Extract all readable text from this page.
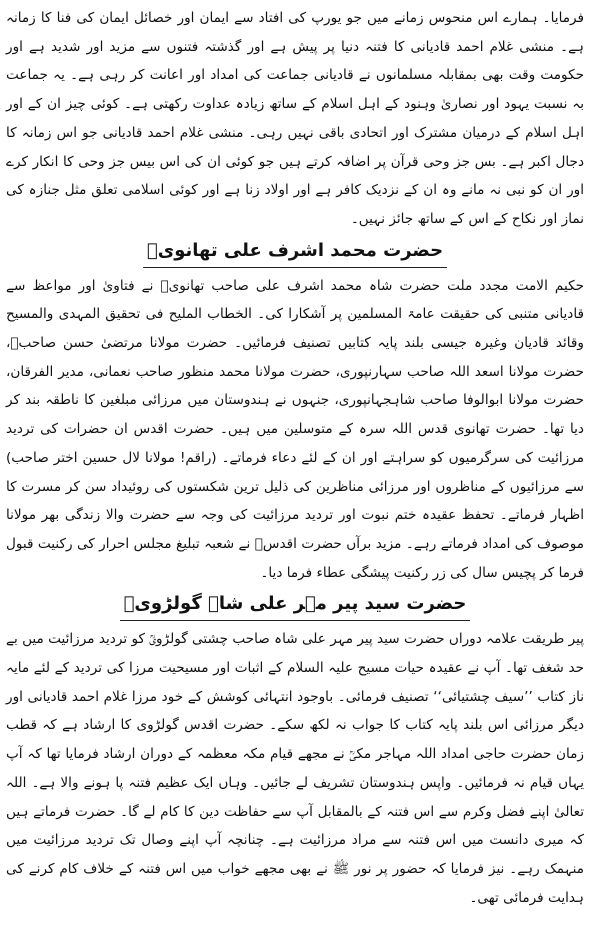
فرمایا۔ ہمارے اس منحوس زمانے میں جو یورپ کی افتاد سے ایمان اور خصائل ایمان کی فنا کا زمانہ ہے۔ منشی غلام احمد قادیانی کا فتنہ دنیا پر پیش ہے اور گذشتہ فتنوں سے مزید اور شدید ہے اور حکومت وقت بھی بمقابلہ مسلمانوں نے قادیانی جماعت کی امداد اور اعانت کر رہی ہے۔ یہ جماعت بہ نسبت یہود اور نصاریٰ وہنود کے اہل اسلام کے ساتھ زیادہ عداوت رکھتی ہے۔ کوئی چیز ان کے اور اہل اسلام کے درمیان مشترک اور اتحادی باقی نہیں رہی۔ منشی غلام احمد قادیانی جو اس زمانہ کا دجال اکبر ہے۔ بس جز وحی قرآن پر اضافہ کرتے ہیں جو کوئی ان کی اس بیس جز وحی کا انکار کرے اور ان کو نبی نہ مانے وہ ان کے نزدیک کافر ہے اور اولاد زنا ہے اور کوئی اسلامی تعلق مثل جنازہ کی نماز اور نکاح کے اس کے ساتھ جائز نہیں۔

حضرت محمد اشرف علی تھانویؒ

حکیم الامت مجدد ملت حضرت شاہ محمد اشرف علی صاحب تھانویؒ نے فتاویٰ اور مواعظ سے قادیانی متنبی کی حقیقت عامۃ المسلمین پر آشکارا کی۔ الخطاب الملیح فی تحقیق المہدی والمسیح وقائد قادیان وغیرہ جیسی بلند پایہ کتابیں تصنیف فرمائیں۔ حضرت مولانا مرتضیٰ حسن صاحبؒ، حضرت مولانا اسعد اللہ صاحب سہارنپوری، حضرت مولانا محمد منظور صاحب نعمانی، مدیر الفرقان، حضرت مولانا ابوالوفا صاحب شاہجہانپوری، جنہوں نے ہندوستان میں مرزائی مبلغین کا ناطقہ بند کر دیا تھا۔ حضرت تھانوی قدس اللہ سرہ کے متوسلین میں ہیں۔ حضرت اقدس ان حضرات کی تردید مرزائیت کی سرگرمیوں کو سراہتے اور ان کے لئے دعاء فرماتے۔ (راقم! مولانا لال حسین اختر صاحب) سے مرزائیوں کے مناظروں اور مرزائی مناظرین کی ذلیل ترین شکستوں کی روئیداد سن کر مسرت کا اظہار فرماتے۔ تحفظ عقیدہ ختم نبوت اور تردید مرزائیت کی وجہ سے حضرت والا زندگی بھر مولانا موصوف کی امداد فرماتے رہے۔ مزید برآں حضرت اقدسؒ نے شعبہ تبلیغ مجلس احرار کی رکنیت قبول فرما کر پچیس سال کی زر رکنیت پیشگی عطاء فرما دیا۔

حضرت سید پیر مہر علی شاہ گولڑویؒ

پیر طریقت علامہ دوراں حضرت سید پیر مہر علی شاہ صاحب چشتی گولڑویؒ کو تردید مرزائیت میں بے حد شغف تھا۔ آپ نے عقیدہ حیات مسیح علیہ السلام کے اثبات اور مسیحیت مرزا کی تردید کے لئے مایہ ناز کتاب ’’سیف چشتیائی‘‘ تصنیف فرمائی۔ باوجود انتہائی کوشش کے خود مرزا غلام احمد قادیانی اور دیگر مرزائی اس بلند پایہ کتاب کا جواب نہ لکھ سکے۔ حضرت اقدس گولڑوی کا ارشاد ہے کہ قطب زمان حضرت حاجی امداد اللہ مہاجر مکیؒ نے مجھے قیام مکہ معظمہ کے دوران ارشاد فرمایا تھا کہ آپ یہاں قیام نہ فرمائیں۔ واپس ہندوستان تشریف لے جائیں۔ وہاں ایک عظیم فتنہ پا ہونے والا ہے۔ اللہ تعالیٰ اپنے فضل وکرم سے اس فتنہ کے بالمقابل آپ سے حفاظت دین کا کام لے گا۔ حضرت فرماتے ہیں کہ میری دانست میں اس فتنہ سے مراد مرزائیت ہے۔ چنانچہ آپ اپنے وصال تک تردید مرزائیت میں منہمک رہے۔ نیز فرمایا کہ حضور پر نور ﷺ نے بھی مجھے خواب میں اس فتنہ کے خلاف کام کرنے کی ہدایت فرمائی تھی۔
